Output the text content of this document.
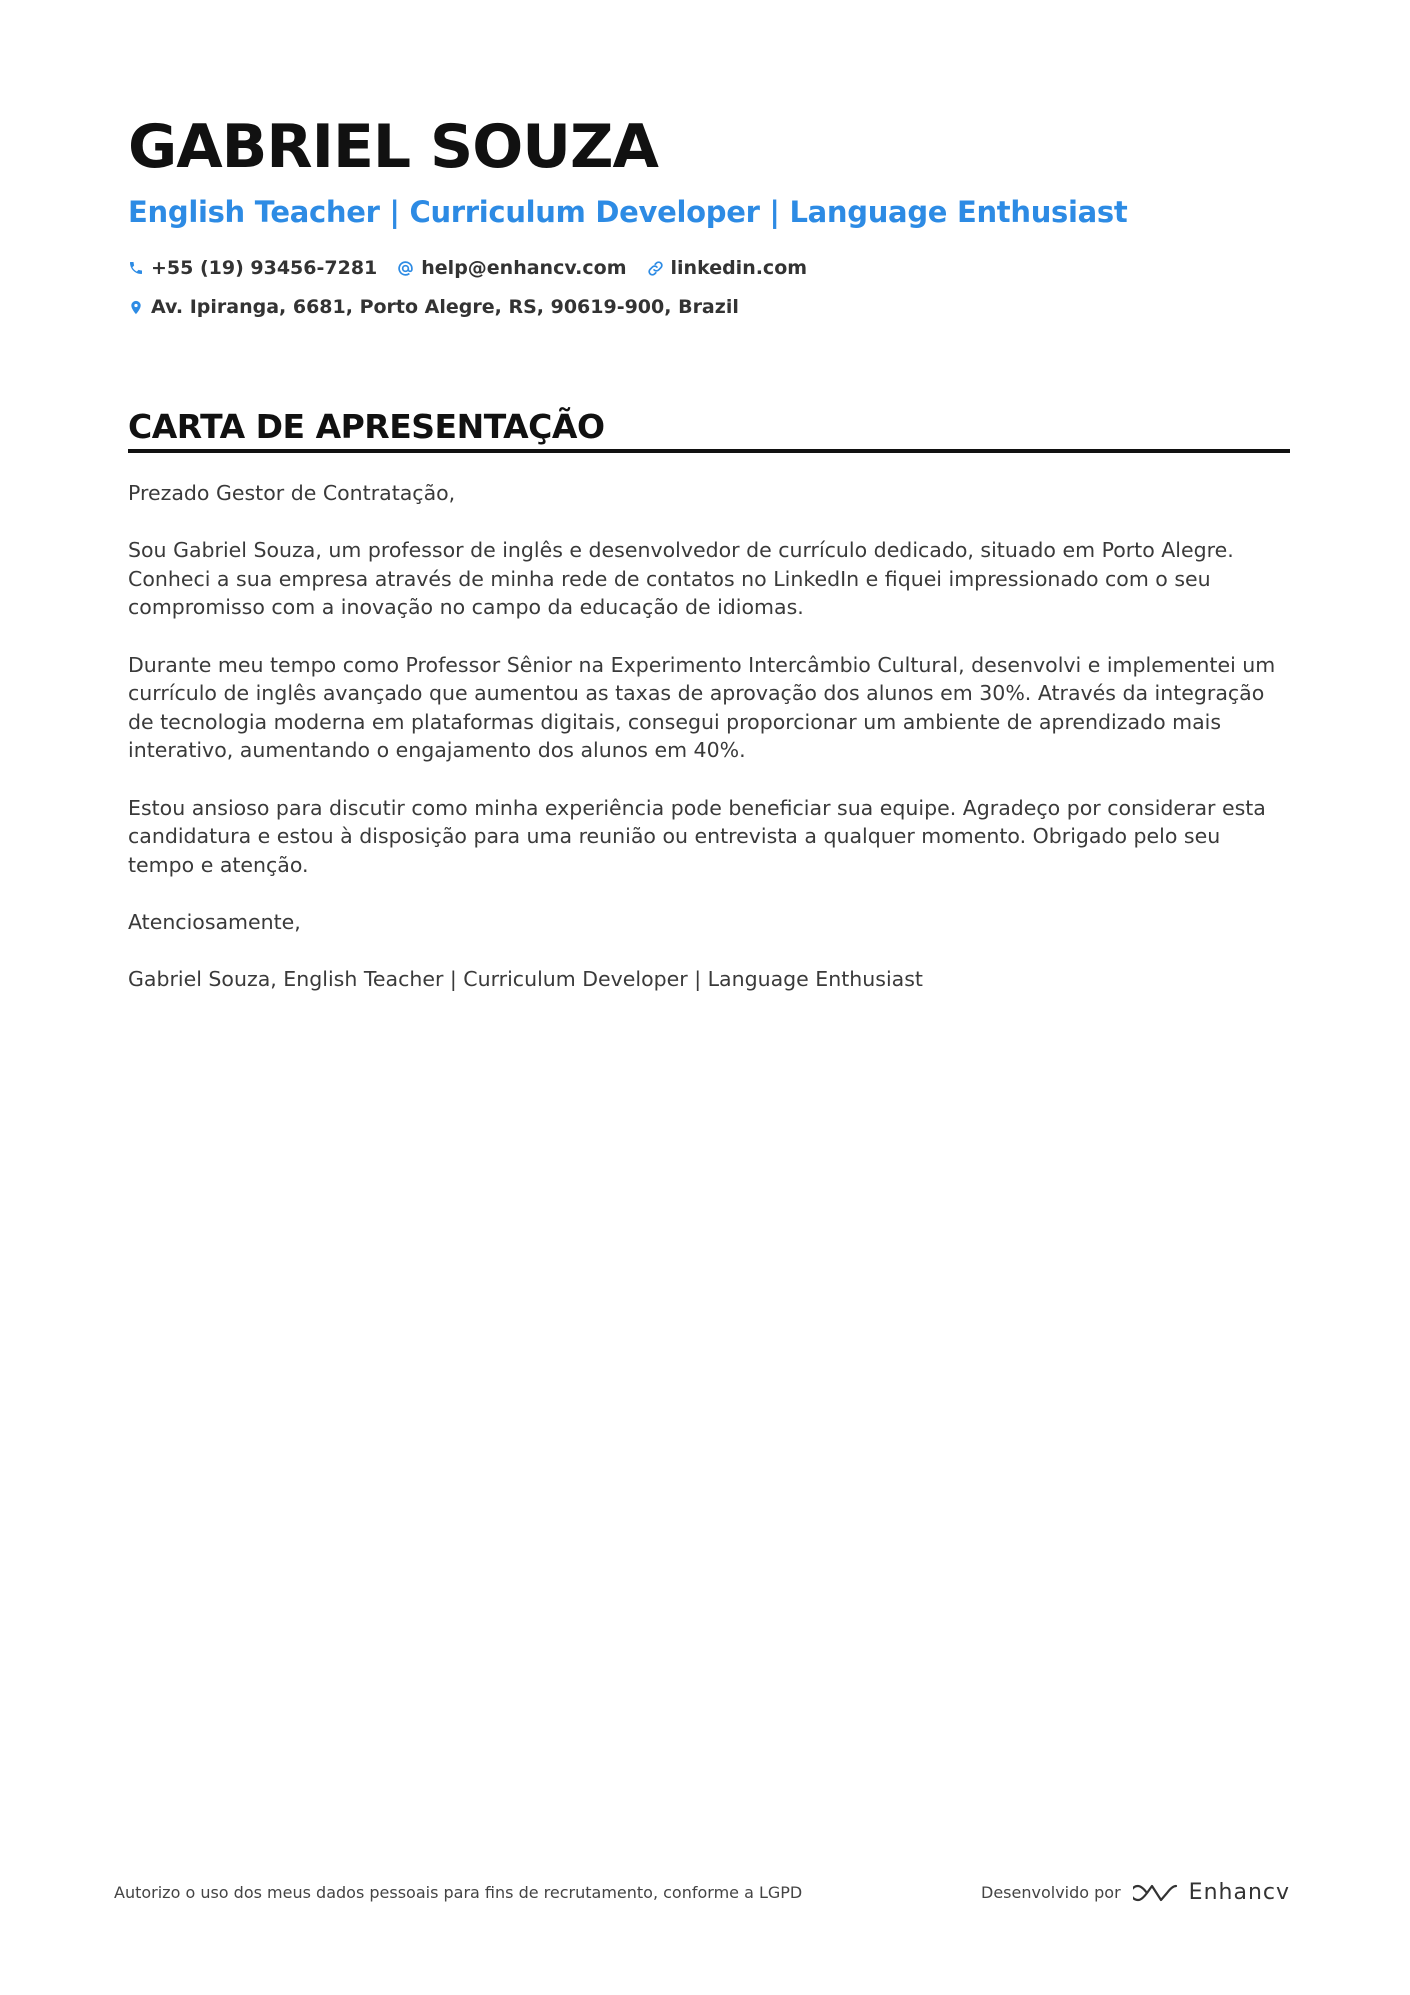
GABRIEL SOUZA
English Teacher | Curriculum Developer | Language Enthusiast
+55 (19) 93456-7281 help@enhancv.com linkedin.com
Av. Ipiranga, 6681, Porto Alegre, RS, 90619-900, Brazil
CARTA DE APRESENTAÇÃO

Prezado Gestor de Contratação,

Sou Gabriel Souza, um professor de inglês e desenvolvedor de currículo dedicado, situado em Porto Alegre. Conheci a sua empresa através de minha rede de contatos no LinkedIn e fiquei impressionado com o seu compromisso com a inovação no campo da educação de idiomas.

Durante meu tempo como Professor Sênior na Experimento Intercâmbio Cultural, desenvolvi e implementei um currículo de inglês avançado que aumentou as taxas de aprovação dos alunos em 30%. Através da integração de tecnologia moderna em plataformas digitais, consegui proporcionar um ambiente de aprendizado mais interativo, aumentando o engajamento dos alunos em 40%.

Estou ansioso para discutir como minha experiência pode beneficiar sua equipe. Agradeço por considerar esta candidatura e estou à disposição para uma reunião ou entrevista a qualquer momento. Obrigado pelo seu tempo e atenção.

Atenciosamente,

Gabriel Souza, English Teacher | Curriculum Developer | Language Enthusiast

Autorizo o uso dos meus dados pessoais para fins de recrutamento, conforme a LGPD	Desenvolvido por	Enhancv
